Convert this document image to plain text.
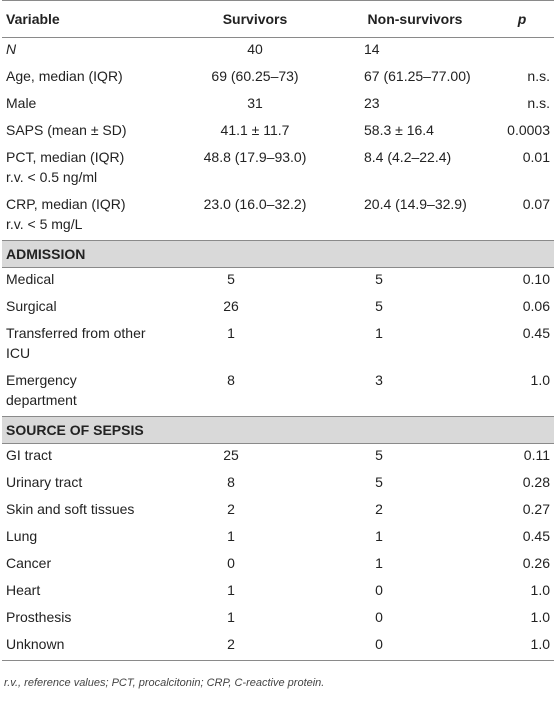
Variable	Survivors	Non-survivors	p
N	40	14	
Age, median (IQR)	69 (60.25–73)	67 (61.25–77.00)	n.s.
Male	31	23	n.s.
SAPS (mean ± SD)	41.1 ± 11.7	58.3 ± 16.4	0.0003

PCT, median (IQR)
r.v. < 0.5 ng/ml	48.8 (17.9–93.0)	8.4 (4.2–22.4)	0.01

CRP, median (IQR)
r.v. < 5 mg/L	23.0 (16.0–32.2)	20.4 (14.9–32.9)	0.07
ADMISSION			
Medical	5	5	0.10
Surgical	26	5	0.06

Transferred from other
ICU	1	1	0.45

Emergency
department	8	3	1.0
SOURCE OF SEPSIS			
GI tract	25	5	0.11
Urinary tract	8	5	0.28
Skin and soft tissues	2	2	0.27
Lung	1	1	0.45
Cancer	0	1	0.26
Heart	1	0	1.0
Prosthesis	1	0	1.0
Unknown	2	0	1.0
r.v., reference values; PCT, procalcitonin; CRP, C-reactive protein.
